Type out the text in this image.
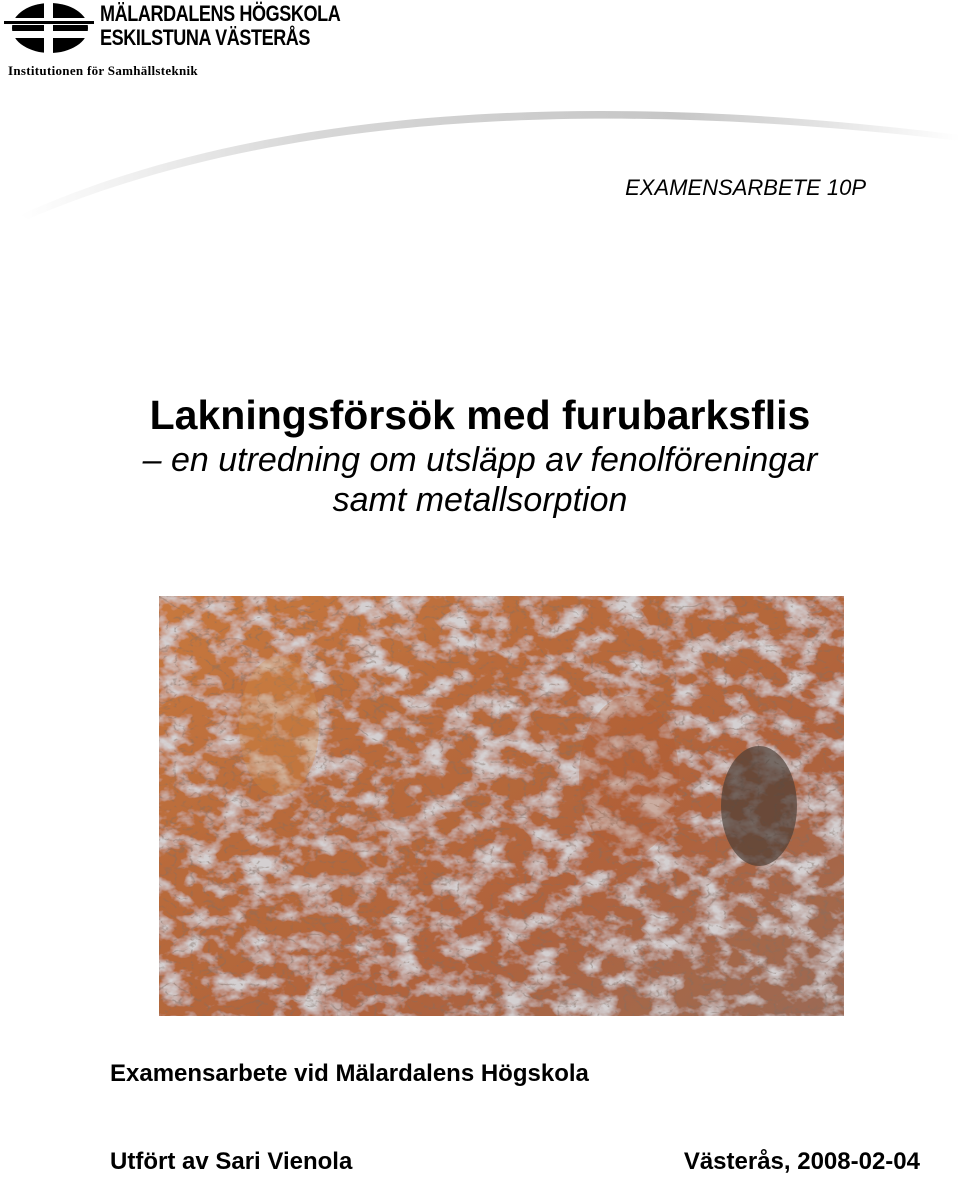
MÄLARDALENS HÖGSKOLA
ESKILSTUNA VÄSTERÅS
Institutionen för Samhällsteknik
EXAMENSARBETE 10P

Lakningsförsök med furubarksflis

– en utredning om utsläpp av fenolföreningar

samt metallsorption

Examensarbete vid Mälardalens Högskola
Utfört av Sari Vienola	Västerås, 2008-02-04
